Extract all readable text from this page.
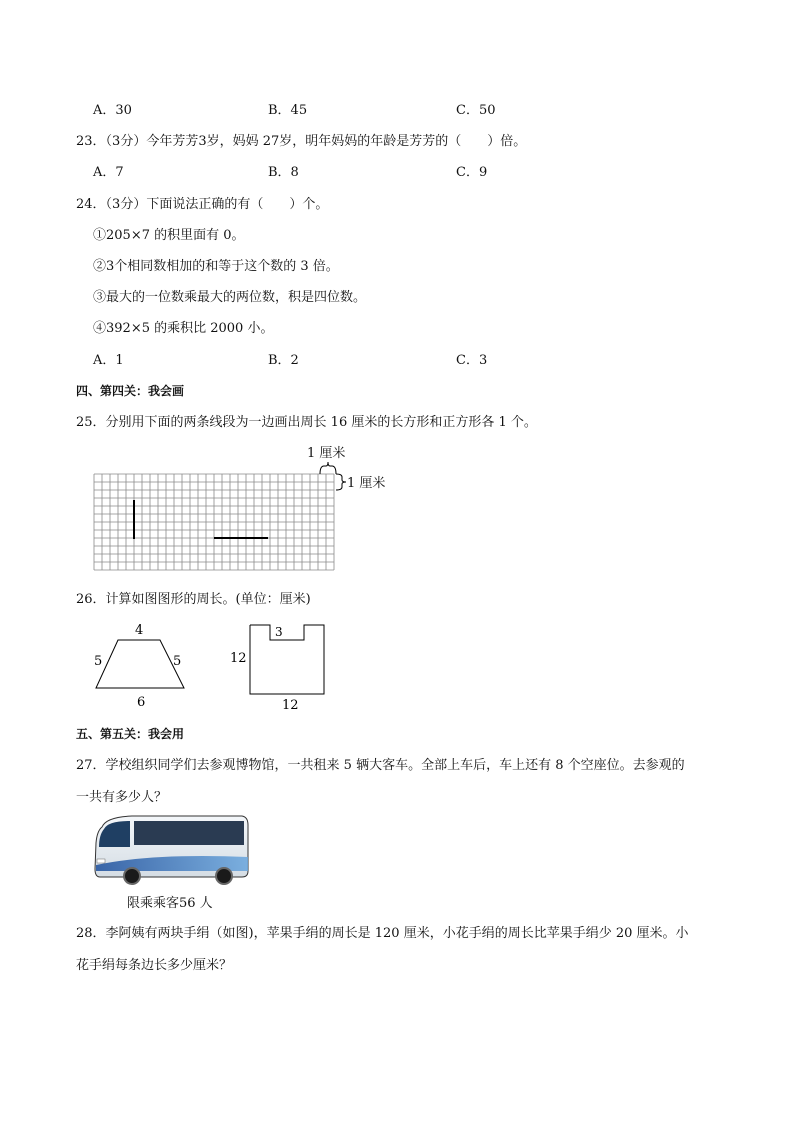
A．30	B．45	C．50
23．（3分）今年芳芳3岁，妈妈 27岁，明年妈妈的年龄是芳芳的（　　）倍。
A．7	B．8	C．9
24．（3分）下面说法正确的有（　　）个。
①205×7 的积里面有 0。
②3个相同数相加的和等于这个数的 3 倍。
③最大的一位数乘最大的两位数，积是四位数。
④392×5 的乘积比 2000 小。
A．1	B．2	C．3
四、第四关：我会画
25．分别用下面的两条线段为一边画出周长 16 厘米的长方形和正方形各 1 个。
1 厘米
1 厘米
26．计算如图图形的周长。(单位：厘米)
4
5	5
6
3
12
12
五、第五关：我会用
27．学校组织同学们去参观博物馆，一共租来 5 辆大客车。全部上车后，车上还有 8 个空座位。去参观的
一共有多少人？
限乘乘客56 人
28．李阿姨有两块手绢（如图)，苹果手绢的周长是 120 厘米，小花手绢的周长比苹果手绢少 20 厘米。小
花手绢每条边长多少厘米？
